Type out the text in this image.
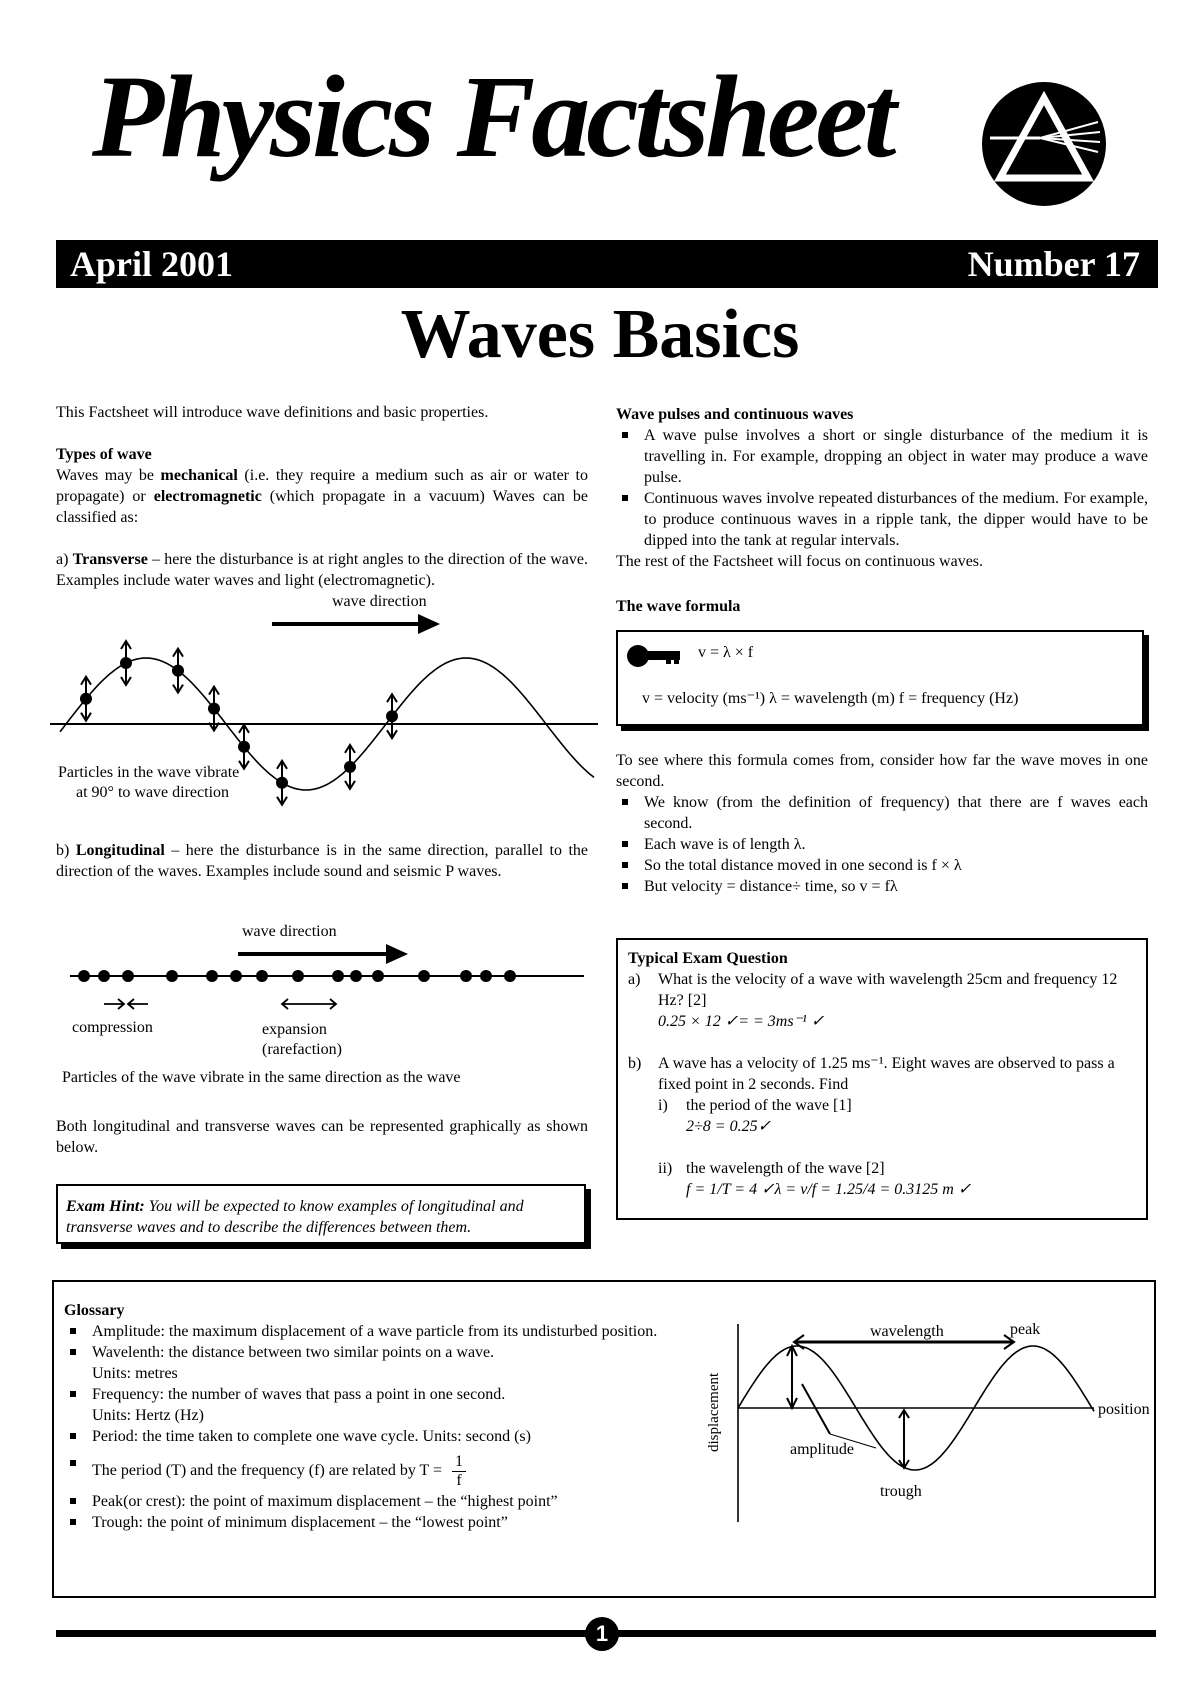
Physics Factsheet
April 2001	Number 17
Waves Basics

This Factsheet will introduce wave definitions and basic properties.

Types of wave

Waves may be mechanical (i.e. they require a medium such as air or water to propagate) or electromagnetic (which propagate in a vacuum) Waves can be classified as:

a) Transverse – here the disturbance is at right angles to the direction of the wave. Examples include water waves and light (electromagnetic).

wave direction
Particles in the wave vibrate
at 90° to wave direction

b) Longitudinal – here the disturbance is in the same direction, parallel to the direction of the waves. Examples include sound and seismic P waves.

wave direction
compression	expansion
(rarefaction)
Particles of the wave vibrate in the same direction as the wave

Both longitudinal and transverse waves can be represented graphically as shown below.

Exam Hint: You will be expected to know examples of longitudinal and transverse waves and to describe the differences between them.
Wave pulses and continuous waves
A wave pulse involves a short or single disturbance of the medium it is travelling in. For example, dropping an object in water may produce a wave pulse.
Continuous waves involve repeated disturbances of the medium. For example, to produce continuous waves in a ripple tank, the dipper would have to be dipped into the tank at regular intervals.

The rest of the Factsheet will focus on continuous waves.

The wave formula
v = λ × f
v = velocity (ms⁻¹) λ = wavelength (m) f = frequency (Hz)

To see where this formula comes from, consider how far the wave moves in one second.

We know (from the definition of frequency) that there are f waves each second.
Each wave is of length λ.
So the total distance moved in one second is f × λ
But velocity = distance÷ time, so v = fλ
Typical Exam Question
a) What is the velocity of a wave with wavelength 25cm and frequency 12 Hz? [2]
0.25 × 12 ✓= = 3ms⁻¹ ✓
b) A wave has a velocity of 1.25 ms⁻¹. Eight waves are observed to pass a fixed point in 2 seconds. Find
i) the period of the wave [1]
2÷8 = 0.25✓
ii) the wavelength of the wave [2]
f = 1/T = 4 ✓λ = v/f = 1.25/4 = 0.3125 m ✓
Glossary
Amplitude: the maximum displacement of a wave particle from its undisturbed position.
Wavelenth: the distance between two similar points on a wave.
Units: metres
Frequency: the number of waves that pass a point in one second.
Units: Hertz (Hz)
Period: the time taken to complete one wave cycle. Units: second (s)
The period (T) and the frequency (f) are related by $T = \frac{1}{f}$
Peak(or crest): the point of maximum displacement – the “highest point”
Trough: the point of minimum displacement – the “lowest point”
displacement	position
wavelength	peak
amplitude
trough
1
